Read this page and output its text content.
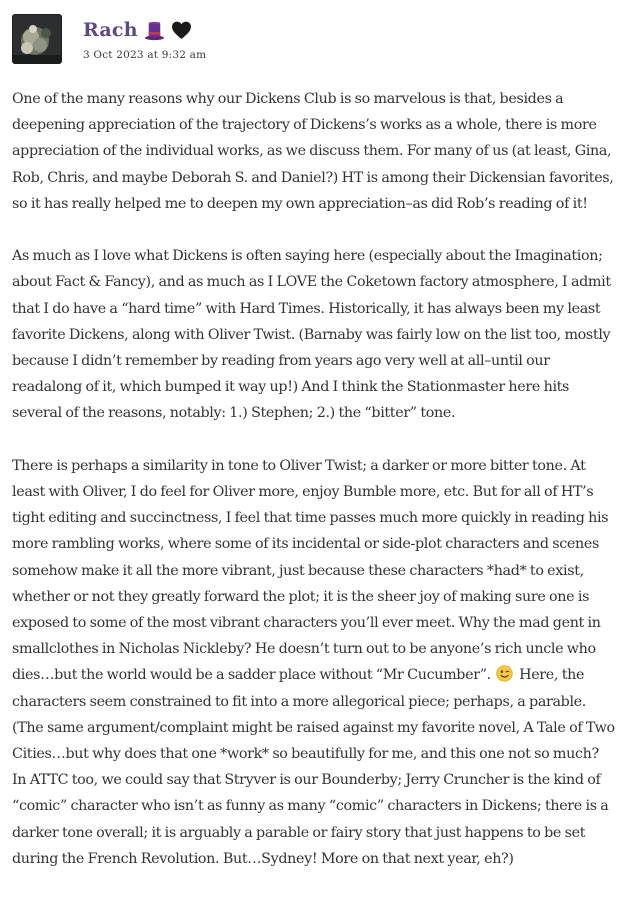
Rach
3 Oct 2023 at 9:32 am

One of the many reasons why our Dickens Club is so marvelous is that, besides a deepening appreciation of the trajectory of Dickens’s works as a whole, there is more appreciation of the individual works, as we discuss them. For many of us (at least, Gina, Rob, Chris, and maybe Deborah S. and Daniel?) HT is among their Dickensian favorites, so it has really helped me to deepen my own appreciation–as did Rob’s reading of it!

As much as I love what Dickens is often saying here (especially about the Imagination; about Fact & Fancy), and as much as I LOVE the Coketown factory atmosphere, I admit that I do have a “hard time” with Hard Times. Historically, it has always been my least favorite Dickens, along with Oliver Twist. (Barnaby was fairly low on the list too, mostly because I didn’t remember by reading from years ago very well at all–until our readalong of it, which bumped it way up!) And I think the Stationmaster here hits several of the reasons, notably: 1.) Stephen; 2.) the “bitter” tone.

There is perhaps a similarity in tone to Oliver Twist; a darker or more bitter tone. At least with Oliver, I do feel for Oliver more, enjoy Bumble more, etc. But for all of HT’s tight editing and succinctness, I feel that time passes much more quickly in reading his more rambling works, where some of its incidental or side-plot characters and scenes somehow make it all the more vibrant, just because these characters *had* to exist, whether or not they greatly forward the plot; it is the sheer joy of making sure one is exposed to some of the most vibrant characters you’ll ever meet. Why the mad gent in smallclothes in Nicholas Nickleby? He doesn’t turn out to be anyone’s rich uncle who dies…but the world would be a sadder place without “Mr Cucumber”. Here, the characters seem constrained to fit into a more allegorical piece; perhaps, a parable. (The same argument/complaint might be raised against my favorite novel, A Tale of Two Cities…but why does that one *work* so beautifully for me, and this one not so much? In ATTC too, we could say that Stryver is our Bounderby; Jerry Cruncher is the kind of “comic” character who isn’t as funny as many “comic” characters in Dickens; there is a darker tone overall; it is arguably a parable or fairy story that just happens to be set during the French Revolution. But…Sydney! More on that next year, eh?)
